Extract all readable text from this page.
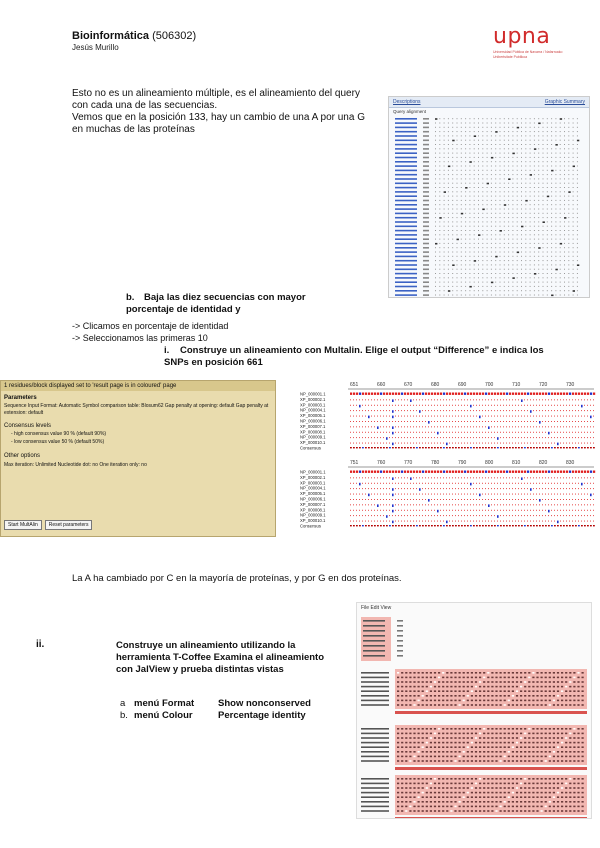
Bioinformática (506302)
Jesús Murillo	upna
Universidad Pública de Navarra / Nafarroako Unibertsitate Publikoa

Esto no es un alineamiento múltiple, es el alineamiento del query con cada una de las secuencias.

Vemos que en la posición 133, hay un cambio de una A por una G en muchas de las proteínas

Descriptions	Graphic Summary
Query alignment
b. Baja las diez secuencias con mayor porcentaje de identidad y
-> Clicamos en porcentaje de identidad
-> Seleccionamos las primeras 10
i. Construye un alineamiento con Multalin. Elige el output “Difference” e indica los SNPs en posición 661
1 residues/block displayed set to 'result page is in coloured' page
Parameters
Sequence Input Format: Automatic Symbol comparison table: Blosum62 Gap penalty at opening: default Gap penalty at extension: default
Consensus levels
- high consensus value 90 % (default 90%)
- low consensus value 50 % (default 50%)
Other options
Max iteration: Unlimited Nucleotide dot: no One iteration only: no
Start MultAlin	Reset parameters
651	660	670	680	690	700	710	720	730
NP_000001.1
XP_000002.1
XP_000003.1
NP_000004.1
XP_000005.1
NP_000006.1
XP_000007.1
XP_000008.1
NP_000009.1
XP_000010.1
Consensus
751	760	770	780	790	800	810	820	830
NP_000001.1
XP_000002.1
XP_000003.1
NP_000004.1
XP_000005.1
NP_000006.1
XP_000007.1
XP_000008.1
NP_000009.1
XP_000010.1
Consensus
La A ha cambiado por C en la mayoría de proteínas, y por G en dos proteínas.
ii.	Construye un alineamiento utilizando la herramienta T-Coffee Examina el alineamiento con JalView y prueba distintas vistas
a menú Format	Show nonconserved
b. menú Colour	Percentage identity
File Edit View
